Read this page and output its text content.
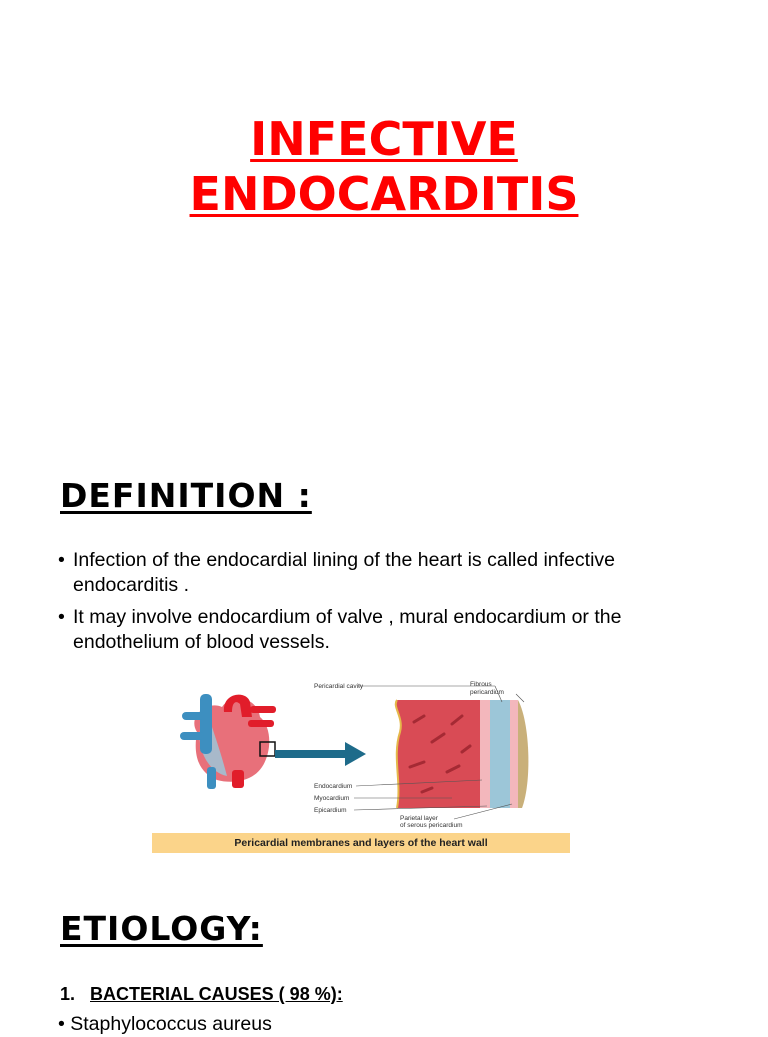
INFECTIVE
ENDOCARDITIS
DEFINITION :
• Infection of the endocardial lining of the heart is called infective endocarditis .
• It may involve endocardium of valve , mural endocardium or the endothelium of blood vessels.
Pericardial cavity	Fibrous
pericardium
Endocardium
Myocardium
Epicardium
Parietal layer
of serous pericardium
Pericardial membranes and layers of the heart wall
ETIOLOGY:
1. BACTERIAL CAUSES ( 98 %):
• Staphylococcus aureus
